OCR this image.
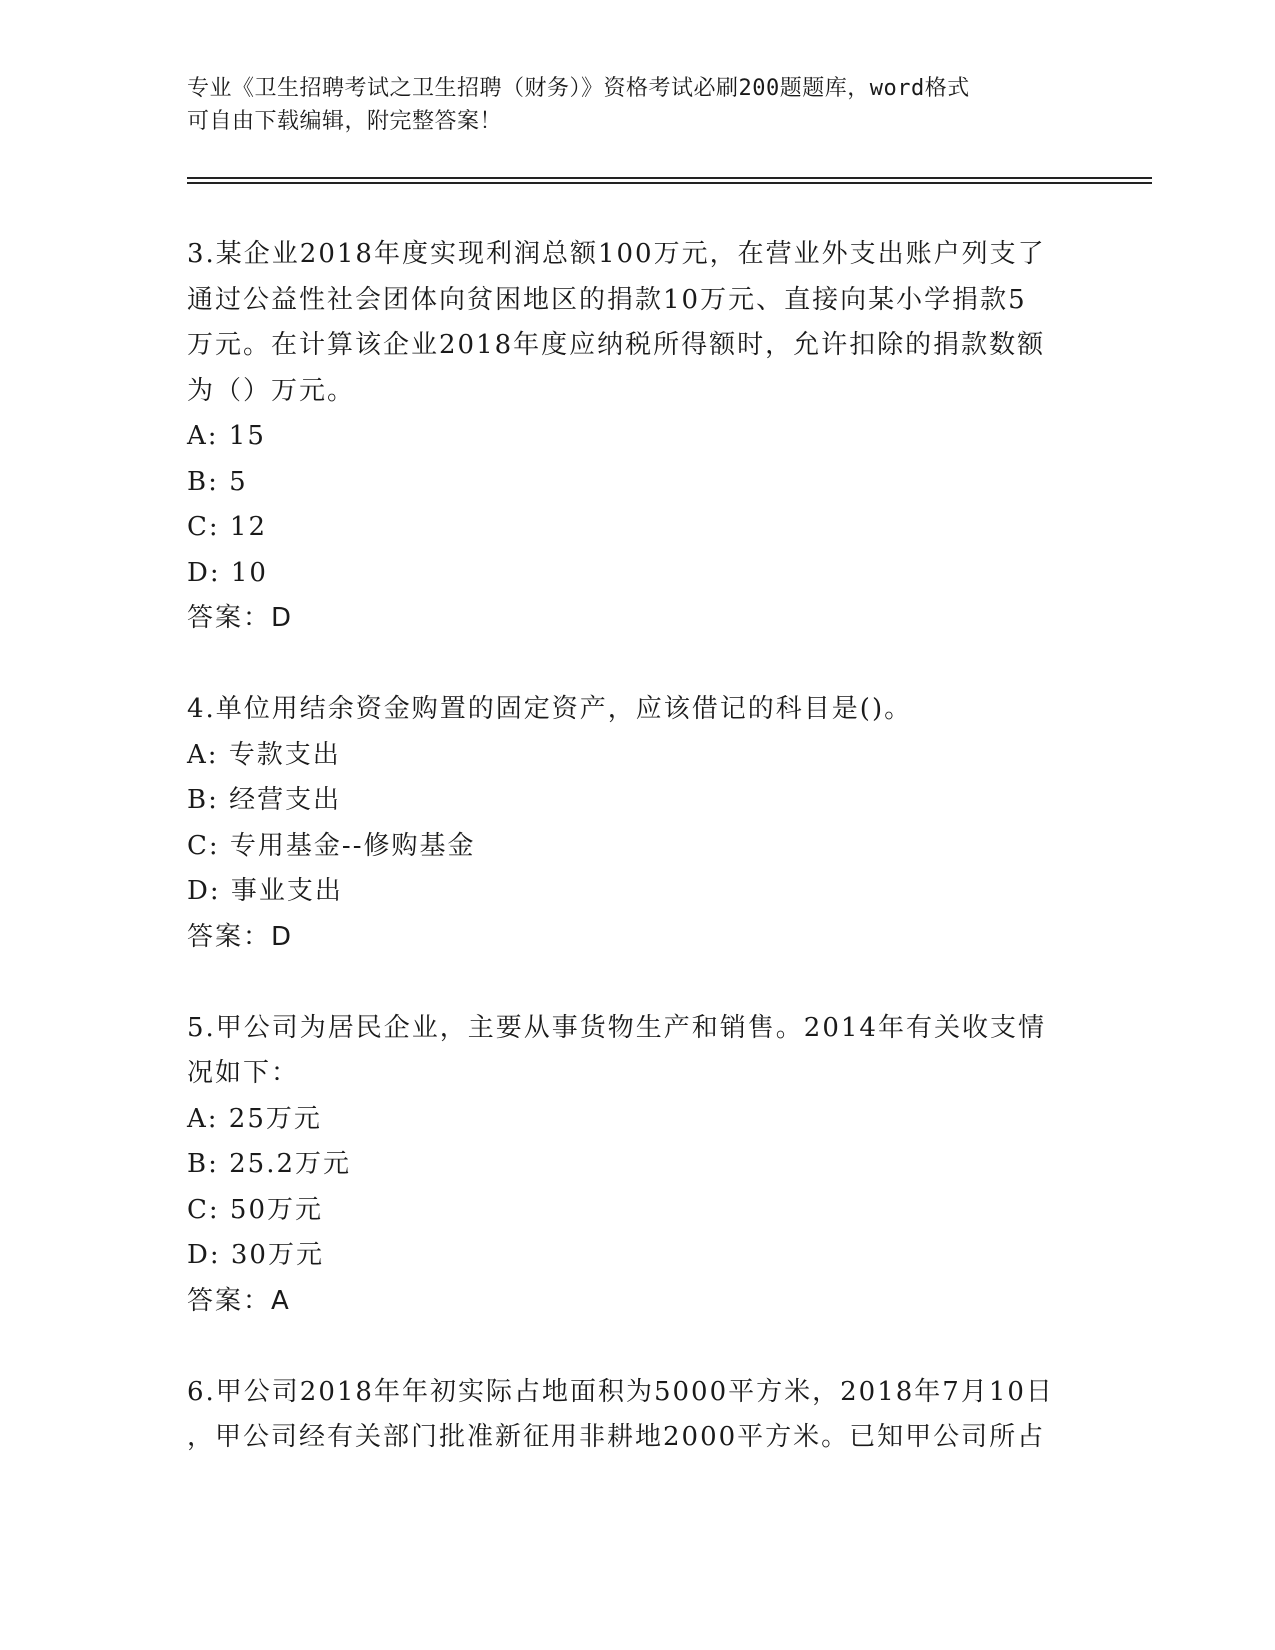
专业《卫生招聘考试之卫生招聘（财务）》资格考试必刷200题题库，word格式
可自由下载编辑，附完整答案！
3.某企业2018年度实现利润总额100万元，在营业外支出账户列支了
通过公益性社会团体向贫困地区的捐款10万元、直接向某小学捐款5
万元。在计算该企业2018年度应纳税所得额时，允许扣除的捐款数额
为（）万元。
A: 15
B: 5
C: 12
D: 10
答案：D
4.单位用结余资金购置的固定资产，应该借记的科目是()。
A: 专款支出
B: 经营支出
C: 专用基金--修购基金
D: 事业支出
答案：D
5.甲公司为居民企业，主要从事货物生产和销售。2014年有关收支情
况如下：
A: 25万元
B: 25.2万元
C: 50万元
D: 30万元
答案：A
6.甲公司2018年年初实际占地面积为5000平方米，2018年7月10日
，甲公司经有关部门批准新征用非耕地2000平方米。已知甲公司所占
